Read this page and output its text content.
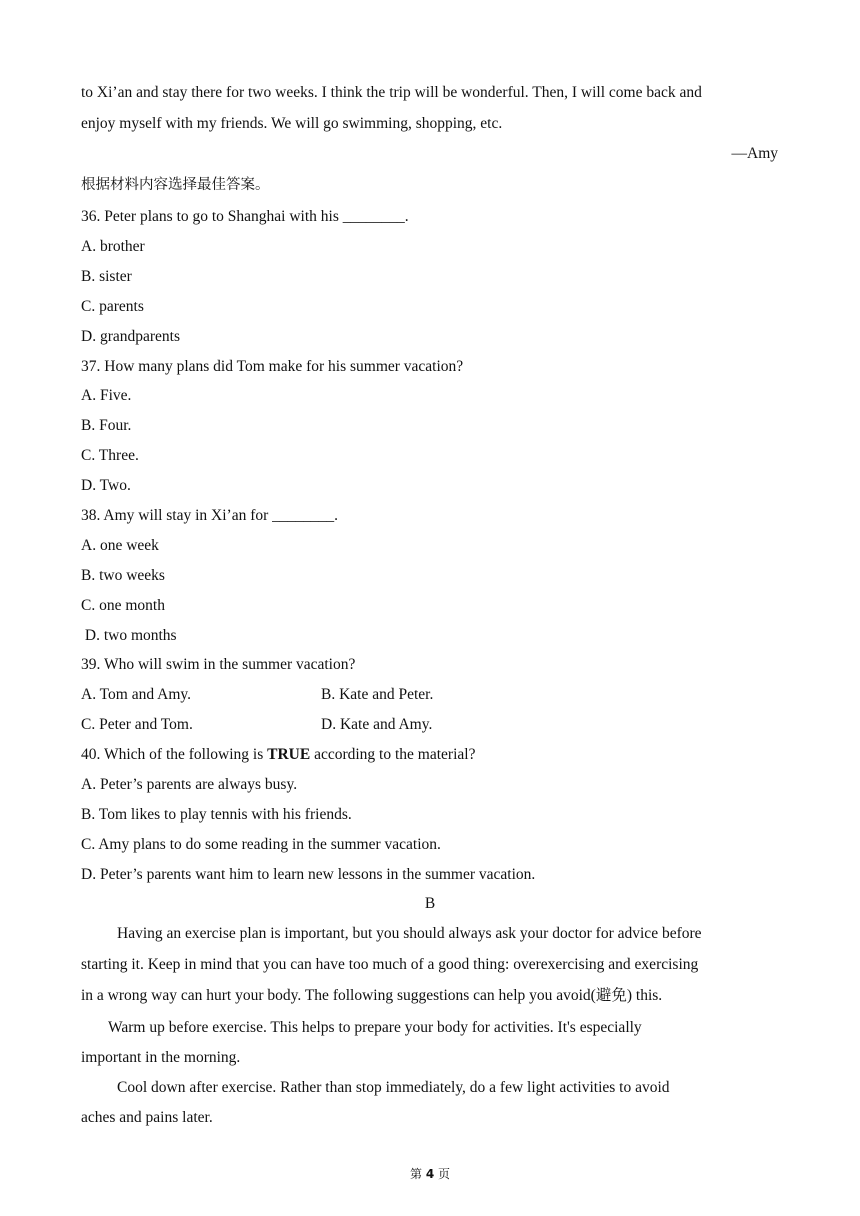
to Xi’an and stay there for two weeks. I think the trip will be wonderful. Then, I will come back and
enjoy myself with my friends. We will go swimming, shopping, etc.
—Amy
根据材料内容选择最佳答案。
36. Peter plans to go to Shanghai with his ________.
A. brother
B. sister
C. parents
D. grandparents
37. How many plans did Tom make for his summer vacation?
A. Five.
B. Four.
C. Three.
D. Two.
38. Amy will stay in Xi’an for ________.
A. one week
B. two weeks
C. one month
D. two months
39. Who will swim in the summer vacation?
A. Tom and Amy.	B. Kate and Peter.
C. Peter and Tom.	D. Kate and Amy.
40. Which of the following is TRUE according to the material?
A. Peter’s parents are always busy.
B. Tom likes to play tennis with his friends.
C. Amy plans to do some reading in the summer vacation.
D. Peter’s parents want him to learn new lessons in the summer vacation.
B
Having an exercise plan is important, but you should always ask your doctor for advice before
starting it. Keep in mind that you can have too much of a good thing: overexercising and exercising
in a wrong way can hurt your body. The following suggestions can help you avoid(避免) this.
Warm up before exercise. This helps to prepare your body for activities. It's especially
important in the morning.
Cool down after exercise. Rather than stop immediately, do a few light activities to avoid
aches and pains later.
第 4 页
